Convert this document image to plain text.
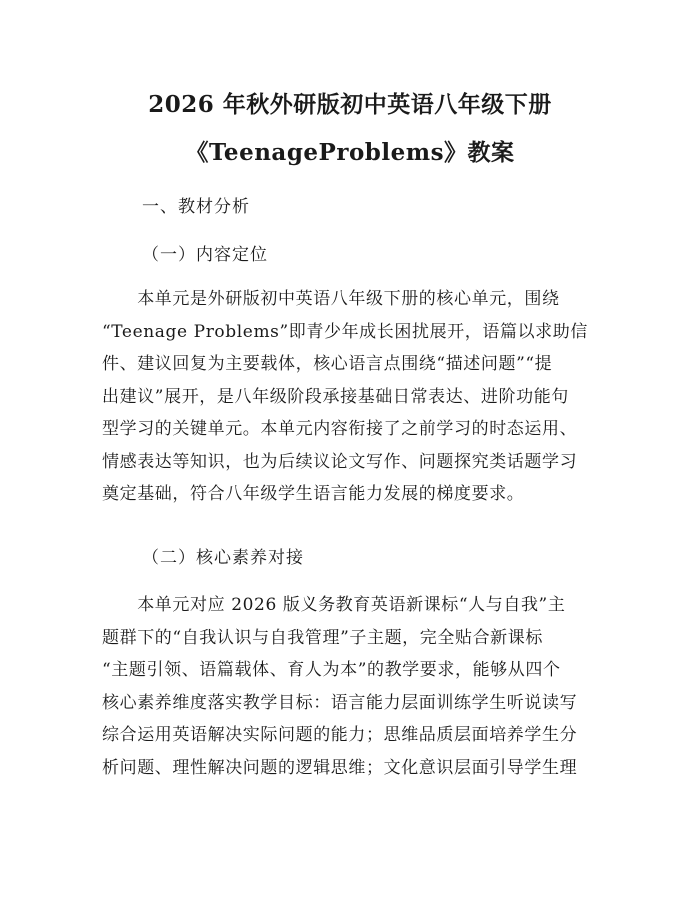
2026 年秋外研版初中英语八年级下册
《TeenageProblems》教案
一、教材分析
（一）内容定位
　　本单元是外研版初中英语八年级下册的核心单元，围绕
“Teenage Problems”即青少年成长困扰展开，语篇以求助信
件、建议回复为主要载体，核心语言点围绕“描述问题”“提
出建议”展开，是八年级阶段承接基础日常表达、进阶功能句
型学习的关键单元。本单元内容衔接了之前学习的时态运用、
情感表达等知识，也为后续议论文写作、问题探究类话题学习
奠定基础，符合八年级学生语言能力发展的梯度要求。
（二）核心素养对接
　　本单元对应 2026 版义务教育英语新课标“人与自我”主
题群下的“自我认识与自我管理”子主题，完全贴合新课标
“主题引领、语篇载体、育人为本”的教学要求，能够从四个
核心素养维度落实教学目标：语言能力层面训练学生听说读写
综合运用英语解决实际问题的能力；思维品质层面培养学生分
析问题、理性解决问题的逻辑思维；文化意识层面引导学生理
